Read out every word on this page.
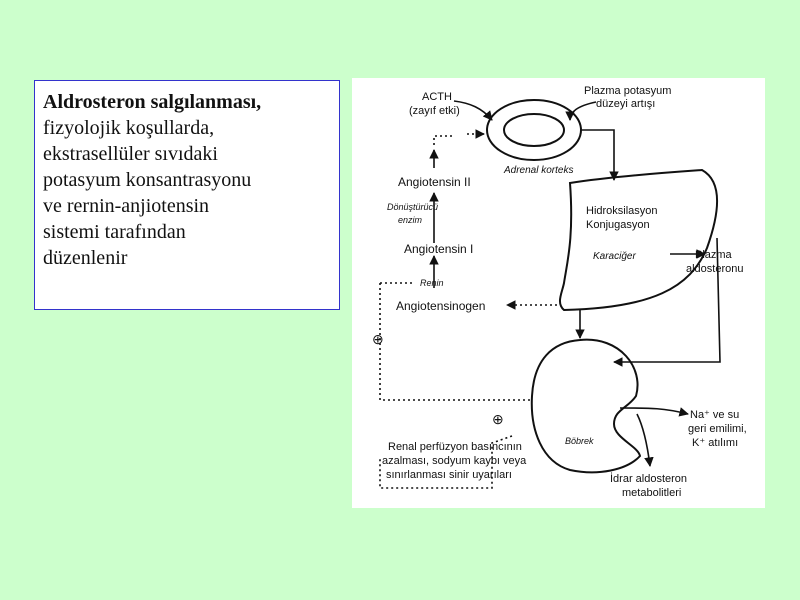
Aldrosteron salgılanması,
fizyolojik koşullarda,
ekstrasellüler sıvıdaki
potasyum konsantrasyonu
ve rernin-anjiotensin
sistemi tarafından
düzenlenir
ACTH
(zayıf etki)
Plazma potasyum
düzeyi artışı
Adrenal korteks
Angiotensin II
Dönüştürücü
enzim
Angiotensin I
Renin
Angiotensinogen
Hidroksilasyon
Konjugasyon
Karaciğer	Plazma
aldosteronu
⊕
⊕
Böbrek
Na⁺ ve su
geri emilimi,
K⁺ atılımı
Renal perfüzyon basıncının
azalması, sodyum kaybı veya
sınırlanması sinir uyarıları	İdrar aldosteron
metabolitleri
